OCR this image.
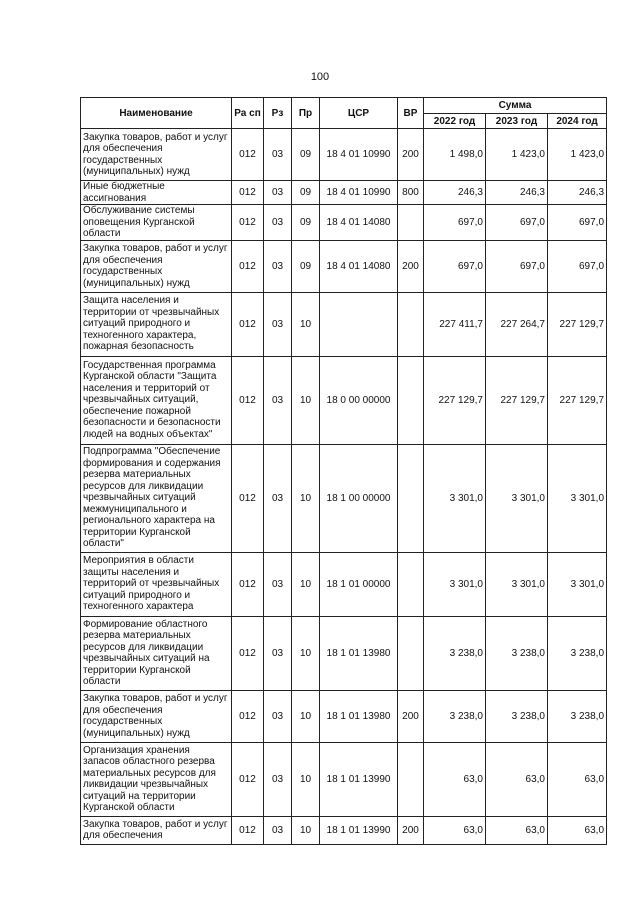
100
Наименование	Ра сп	Рз	Пр	ЦСР	ВР	Сумма		
						2022 год	2023 год	2024 год
Закупка товаров, работ и услуг для обеспечения государственных (муниципальных) нужд	012	03	09	18 4 01 10990	200	1 498,0	1 423,0	1 423,0
Иные бюджетные ассигнования	012	03	09	18 4 01 10990	800	246,3	246,3	246,3
Обслуживание системы оповещения Курганской области	012	03	09	18 4 01 14080		697,0	697,0	697,0
Закупка товаров, работ и услуг для обеспечения государственных (муниципальных) нужд	012	03	09	18 4 01 14080	200	697,0	697,0	697,0
Защита населения и территории от чрезвычайных ситуаций природного и техногенного характера, пожарная безопасность	012	03	10			227 411,7	227 264,7	227 129,7
Государственная программа Курганской области "Защита населения и территорий от чрезвычайных ситуаций, обеспечение пожарной безопасности и безопасности людей на водных объектах"	012	03	10	18 0 00 00000		227 129,7	227 129,7	227 129,7
Подпрограмма "Обеспечение формирования и содержания резерва материальных ресурсов для ликвидации чрезвычайных ситуаций межмуниципального и регионального характера на территории Курганской области"	012	03	10	18 1 00 00000		3 301,0	3 301,0	3 301,0
Мероприятия в области защиты населения и территорий от чрезвычайных ситуаций природного и техногенного характера	012	03	10	18 1 01 00000		3 301,0	3 301,0	3 301,0
Формирование областного резерва материальных ресурсов для ликвидации чрезвычайных ситуаций на территории Курганской области	012	03	10	18 1 01 13980		3 238,0	3 238,0	3 238,0
Закупка товаров, работ и услуг для обеспечения государственных (муниципальных) нужд	012	03	10	18 1 01 13980	200	3 238,0	3 238,0	3 238,0
Организация хранения запасов областного резерва материальных ресурсов для ликвидации чрезвычайных ситуаций на территории Курганской области	012	03	10	18 1 01 13990		63,0	63,0	63,0
Закупка товаров, работ и услуг для обеспечения	012	03	10	18 1 01 13990	200	63,0	63,0	63,0
